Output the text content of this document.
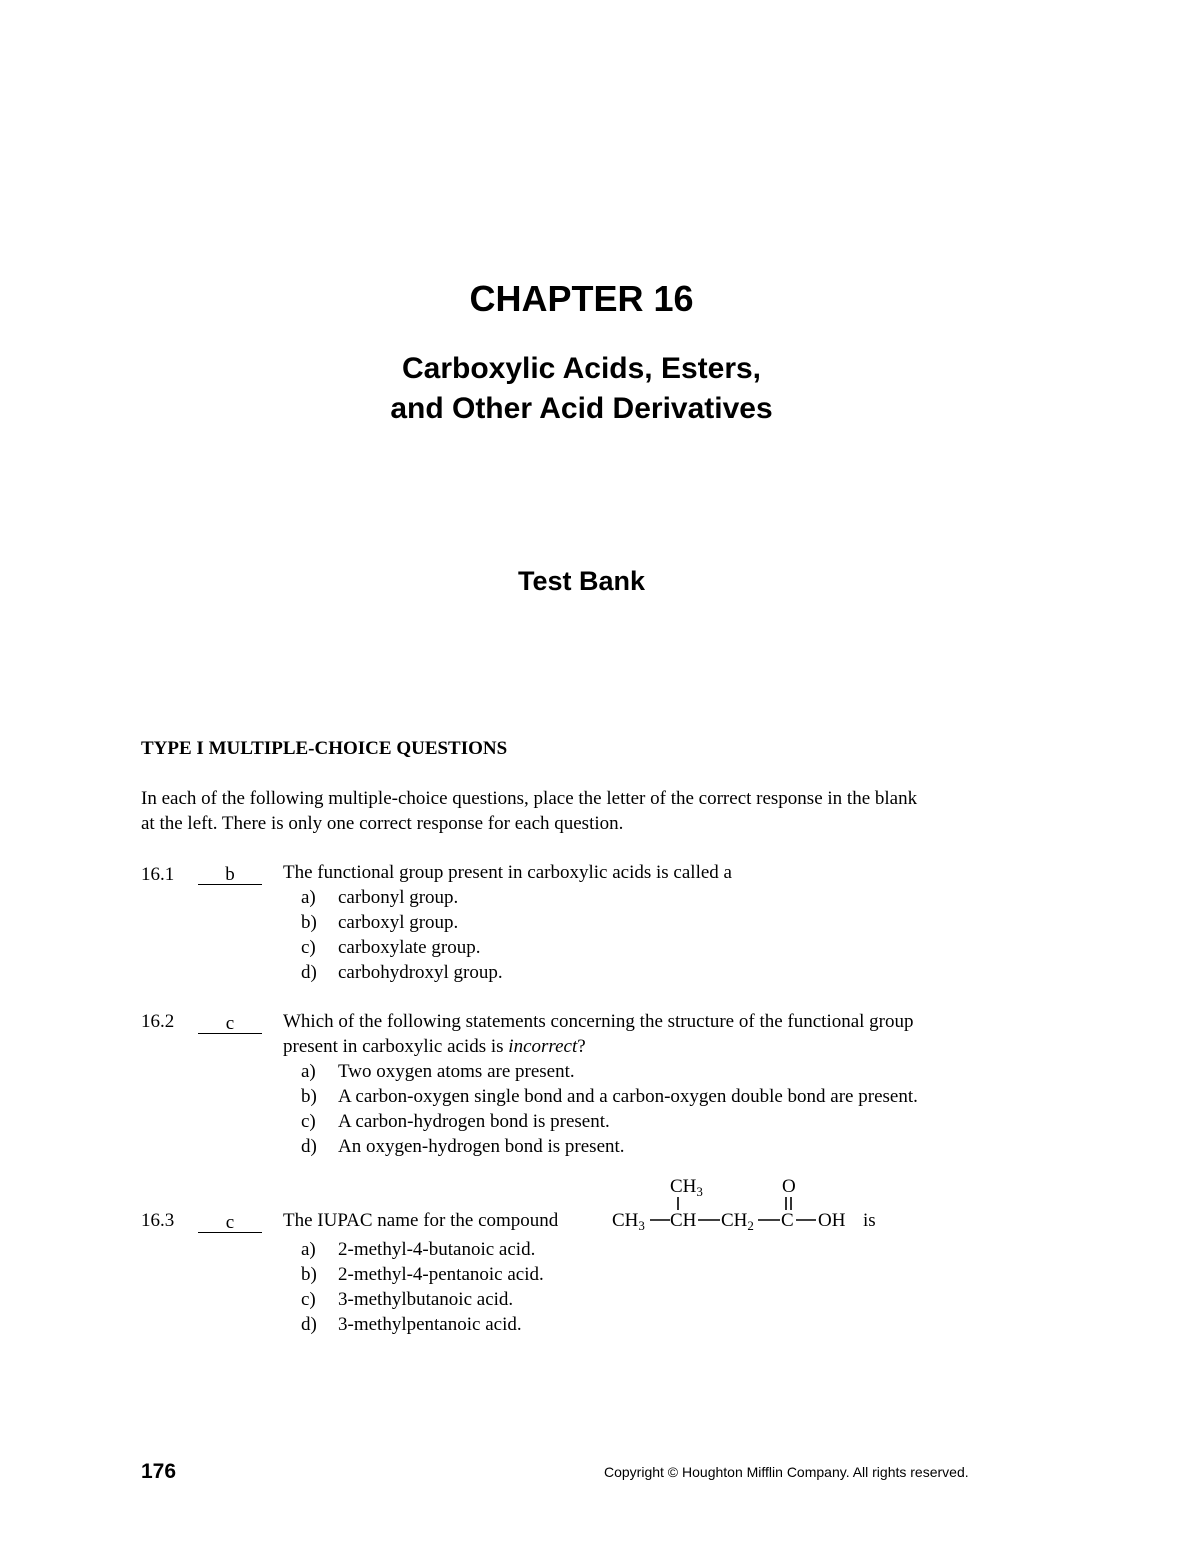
CHAPTER 16
Carboxylic Acids, Esters,
and Other Acid Derivatives
Test Bank
TYPE I MULTIPLE-CHOICE QUESTIONS
In each of the following multiple-choice questions, place the letter of the correct response in the blank
at the left. There is only one correct response for each question.
16.1	b	The functional group present in carboxylic acids is called a
a) carbonyl group.
b) carboxyl group.
c) carboxylate group.
d) carbohydroxyl group.
16.2	c	Which of the following statements concerning the structure of the functional group
present in carboxylic acids is incorrect?
a) Two oxygen atoms are present.
b) A carbon-oxygen single bond and a carbon-oxygen double bond are present.
c) A carbon-hydrogen bond is present.
d) An oxygen-hydrogen bond is present.
16.3	c	The IUPAC name for the compound	is
a) 2-methyl-4-butanoic acid.
b) 2-methyl-4-pentanoic acid.
c) 3-methylbutanoic acid.
d) 3-methylpentanoic acid.
$CH_3$	O
$CH_3$ CH $CH_2$ C OH
176	Copyright © Houghton Mifflin Company. All rights reserved.
